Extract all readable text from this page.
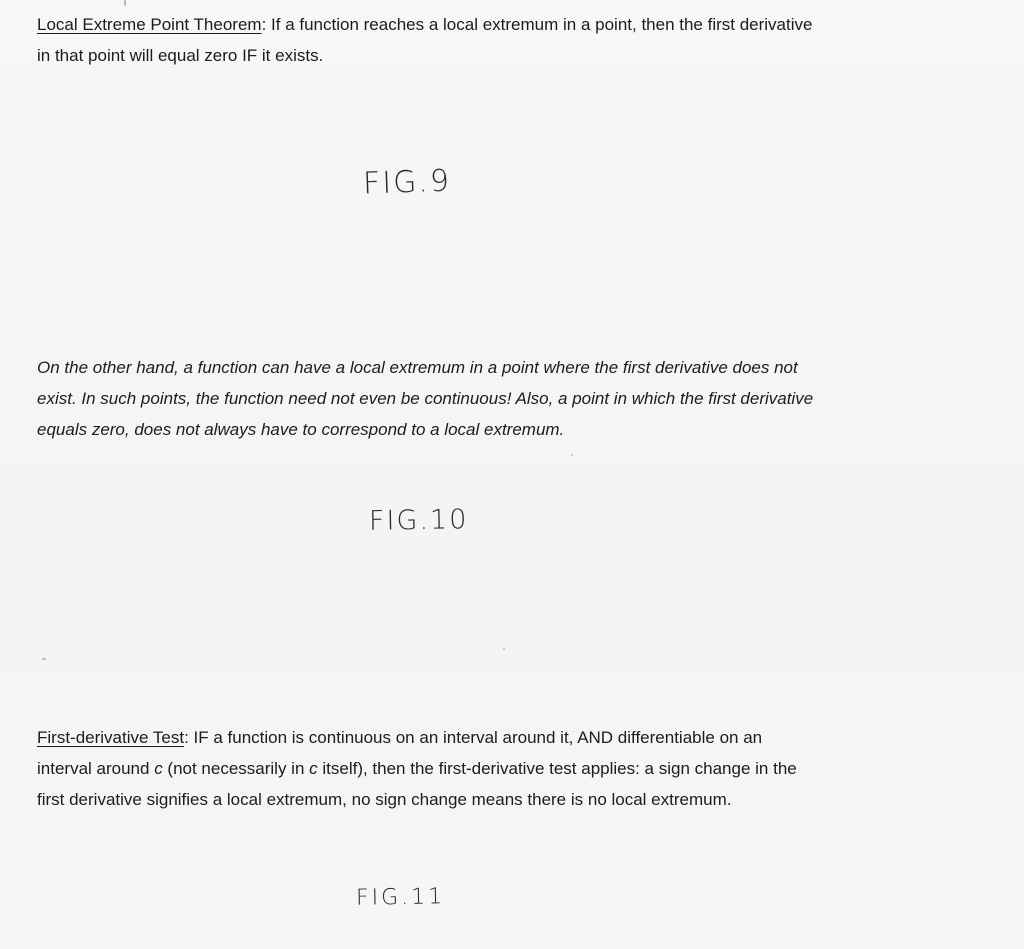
Local Extreme Point Theorem: If a function reaches a local extremum in a point, then the first derivative
in that point will equal zero IF it exists.

FIG.9

On the other hand, a function can have a local extremum in a point where the first derivative does not
exist. In such points, the function need not even be continuous! Also, a point in which the first derivative
equals zero, does not always have to correspond to a local extremum.

FIG.10

First-derivative Test: IF a function is continuous on an interval around it, AND differentiable on an
interval around c (not necessarily in c itself), then the first-derivative test applies: a sign change in the
first derivative signifies a local extremum, no sign change means there is no local extremum.

FIG.11
